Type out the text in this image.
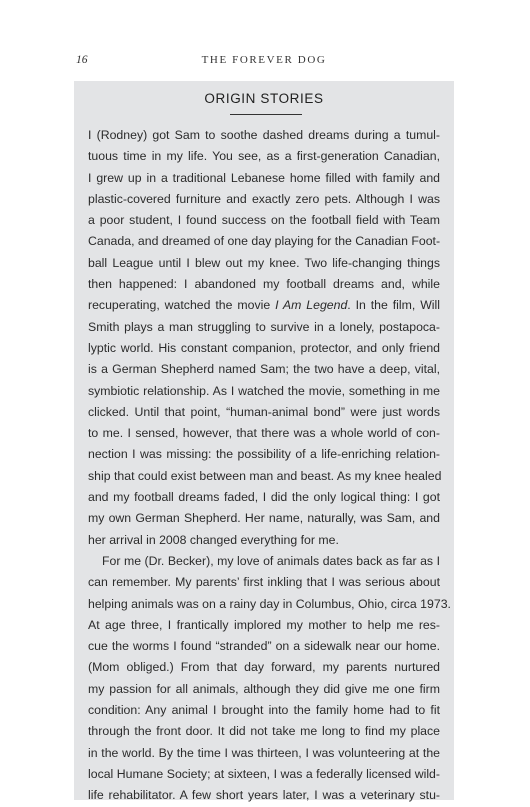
16	THE FOREVER DOG
ORIGIN STORIES
I (Rodney) got Sam to soothe dashed dreams during a tumul-
tuous time in my life. You see, as a first-generation Canadian,
I grew up in a traditional Lebanese home filled with family and
plastic-covered furniture and exactly zero pets. Although I was
a poor student, I found success on the football field with Team
Canada, and dreamed of one day playing for the Canadian Foot-
ball League until I blew out my knee. Two life-changing things
then happened: I abandoned my football dreams and, while
recuperating, watched the movie I Am Legend. In the film, Will
Smith plays a man struggling to survive in a lonely, postapoca-
lyptic world. His constant companion, protector, and only friend
is a German Shepherd named Sam; the two have a deep, vital,
symbiotic relationship. As I watched the movie, something in me
clicked. Until that point, “human-animal bond” were just words
to me. I sensed, however, that there was a whole world of con-
nection I was missing: the possibility of a life-enriching relation-
ship that could exist between man and beast. As my knee healed
and my football dreams faded, I did the only logical thing: I got
my own German Shepherd. Her name, naturally, was Sam, and
her arrival in 2008 changed everything for me.
For me (Dr. Becker), my love of animals dates back as far as I
can remember. My parents’ first inkling that I was serious about
helping animals was on a rainy day in Columbus, Ohio, circa 1973.
At age three, I frantically implored my mother to help me res-
cue the worms I found “stranded” on a sidewalk near our home.
(Mom obliged.) From that day forward, my parents nurtured
my passion for all animals, although they did give me one firm
condition: Any animal I brought into the family home had to fit
through the front door. It did not take me long to find my place
in the world. By the time I was thirteen, I was volunteering at the
local Humane Society; at sixteen, I was a federally licensed wild-
life rehabilitator. A few short years later, I was a veterinary stu-
